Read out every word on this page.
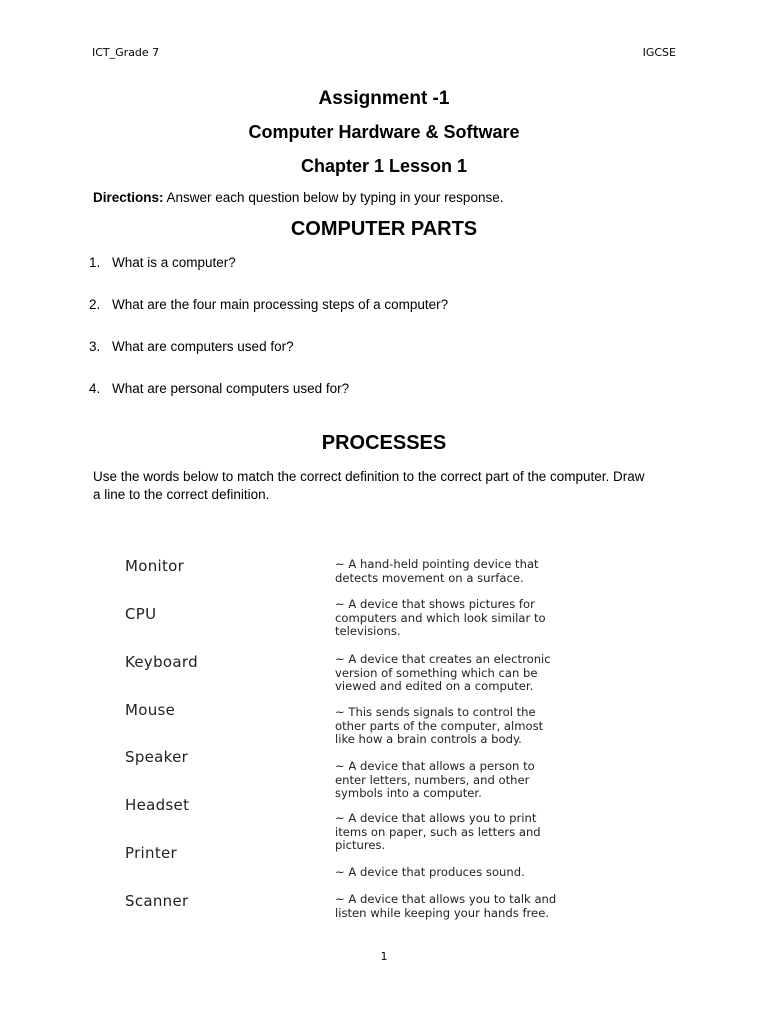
ICT_Grade 7	IGCSE
Assignment -1
Computer Hardware & Software
Chapter 1 Lesson 1
Directions: Answer each question below by typing in your response.
COMPUTER PARTS
1. What is a computer?
2. What are the four main processing steps of a computer?
3. What are computers used for?
4. What are personal computers used for?
PROCESSES
Use the words below to match the correct definition to the correct part of the computer. Draw a line to the correct definition.
Monitor
CPU
Keyboard
Mouse
Speaker
Headset
Printer
Scanner
~ A hand-held pointing device that
detects movement on a surface.
~ A device that shows pictures for
computers and which look similar to
televisions.
~ A device that creates an electronic
version of something which can be
viewed and edited on a computer.
~ This sends signals to control the
other parts of the computer, almost
like how a brain controls a body.
~ A device that allows a person to
enter letters, numbers, and other
symbols into a computer.
~ A device that allows you to print
items on paper, such as letters and
pictures.
~ A device that produces sound.
~ A device that allows you to talk and
listen while keeping your hands free.
1
